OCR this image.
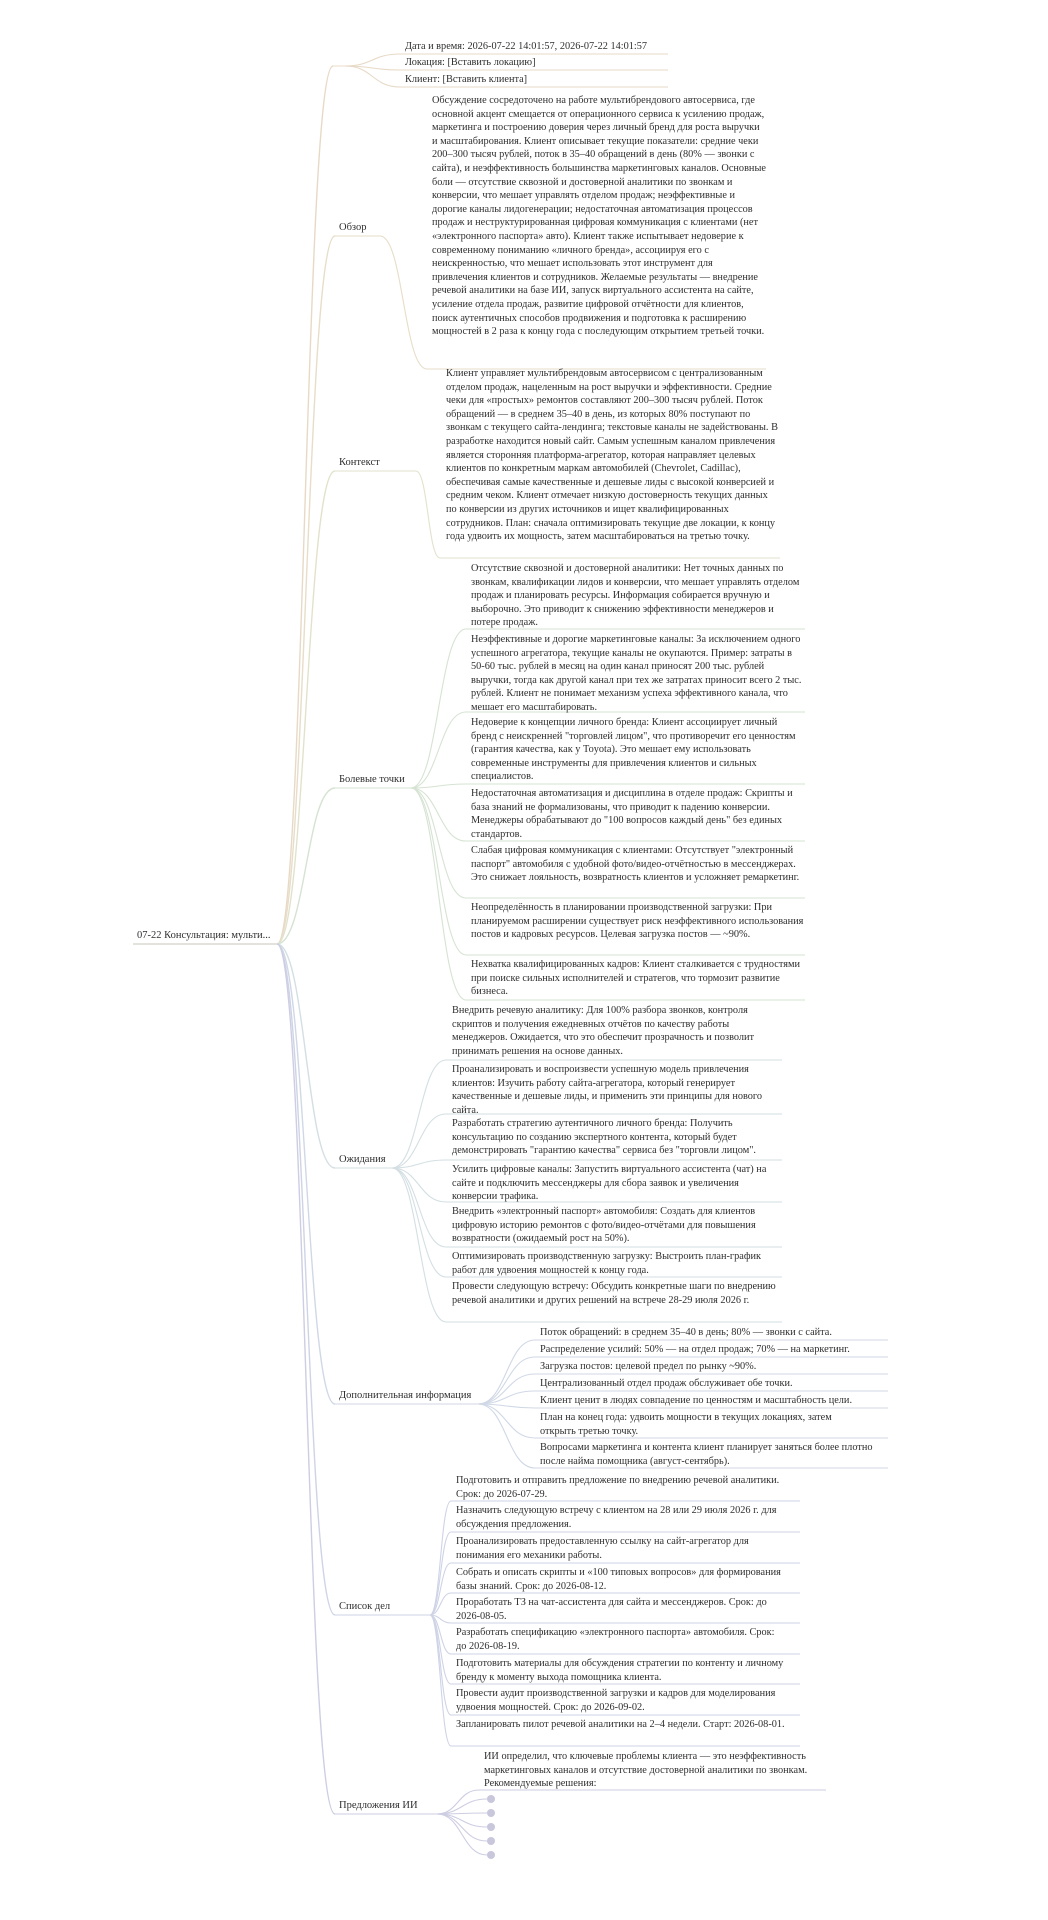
07-22 Консультация: мульти...
Обзор
Контекст
Болевые точки
Ожидания
Дополнительная информация
Список дел
Предложения ИИ
Дата и время: 2026-07-22 14:01:57, 2026-07-22 14:01:57
Локация: [Вставить локацию]
Клиент: [Вставить клиента]
Обсуждение сосредоточено на работе мультибрендового автосервиса, где основной акцент смещается от операционного сервиса к усилению продаж, маркетинга и построению доверия через личный бренд для роста выручки и масштабирования. Клиент описывает текущие показатели: средние чеки 200–300 тысяч рублей, поток в 35–40 обращений в день (80% — звонки с сайта), и неэффективность большинства маркетинговых каналов. Основные боли — отсутствие сквозной и достоверной аналитики по звонкам и конверсии, что мешает управлять отделом продаж; неэффективные и дорогие каналы лидогенерации; недостаточная автоматизация процессов продаж и неструктурированная цифровая коммуникация с клиентами (нет «электронного паспорта» авто). Клиент также испытывает недоверие к современному пониманию «личного бренда», ассоциируя его с неискренностью, что мешает использовать этот инструмент для привлечения клиентов и сотрудников. Желаемые результаты — внедрение речевой аналитики на базе ИИ, запуск виртуального ассистента на сайте, усиление отдела продаж, развитие цифровой отчётности для клиентов, поиск аутентичных способов продвижения и подготовка к расширению мощностей в 2 раза к концу года с последующим открытием третьей точки.
Клиент управляет мультибрендовым автосервисом с централизованным отделом продаж, нацеленным на рост выручки и эффективности. Средние чеки для «простых» ремонтов составляют 200–300 тысяч рублей. Поток обращений — в среднем 35–40 в день, из которых 80% поступают по звонкам с текущего сайта-лендинга; текстовые каналы не задействованы. В разработке находится новый сайт. Самым успешным каналом привлечения является сторонняя платформа-агрегатор, которая направляет целевых клиентов по конкретным маркам автомобилей (Chevrolet, Cadillac), обеспечивая самые качественные и дешевые лиды с высокой конверсией и средним чеком. Клиент отмечает низкую достоверность текущих данных по конверсии из других источников и ищет квалифицированных сотрудников. План: сначала оптимизировать текущие две локации, к концу года удвоить их мощность, затем масштабироваться на третью точку.
Отсутствие сквозной и достоверной аналитики: Нет точных данных по звонкам, квалификации лидов и конверсии, что мешает управлять отделом продаж и планировать ресурсы. Информация собирается вручную и выборочно. Это приводит к снижению эффективности менеджеров и потере продаж.
Неэффективные и дорогие маркетинговые каналы: За исключением одного успешного агрегатора, текущие каналы не окупаются. Пример: затраты в 50-60 тыс. рублей в месяц на один канал приносят 200 тыс. рублей выручки, тогда как другой канал при тех же затратах приносит всего 2 тыс. рублей. Клиент не понимает механизм успеха эффективного канала, что мешает его масштабировать.
Недоверие к концепции личного бренда: Клиент ассоциирует личный бренд с неискренней "торговлей лицом", что противоречит его ценностям (гарантия качества, как у Toyota). Это мешает ему использовать современные инструменты для привлечения клиентов и сильных специалистов.
Недостаточная автоматизация и дисциплина в отделе продаж: Скрипты и база знаний не формализованы, что приводит к падению конверсии. Менеджеры обрабатывают до "100 вопросов каждый день" без единых стандартов.
Слабая цифровая коммуникация с клиентами: Отсутствует "электронный паспорт" автомобиля с удобной фото/видео-отчётностью в мессенджерах. Это снижает лояльность, возвратность клиентов и усложняет ремаркетинг.
Неопределённость в планировании производственной загрузки: При планируемом расширении существует риск неэффективного использования постов и кадровых ресурсов. Целевая загрузка постов — ~90%.
Нехватка квалифицированных кадров: Клиент сталкивается с трудностями при поиске сильных исполнителей и стратегов, что тормозит развитие бизнеса.
Внедрить речевую аналитику: Для 100% разбора звонков, контроля скриптов и получения ежедневных отчётов по качеству работы менеджеров. Ожидается, что это обеспечит прозрачность и позволит принимать решения на основе данных.
Проанализировать и воспроизвести успешную модель привлечения клиентов: Изучить работу сайта-агрегатора, который генерирует качественные и дешевые лиды, и применить эти принципы для нового сайта.
Разработать стратегию аутентичного личного бренда: Получить консультацию по созданию экспертного контента, который будет демонстрировать "гарантию качества" сервиса без "торговли лицом".
Усилить цифровые каналы: Запустить виртуального ассистента (чат) на сайте и подключить мессенджеры для сбора заявок и увеличения конверсии трафика.
Внедрить «электронный паспорт» автомобиля: Создать для клиентов цифровую историю ремонтов с фото/видео-отчётами для повышения возвратности (ожидаемый рост на 50%).
Оптимизировать производственную загрузку: Выстроить план-график работ для удвоения мощностей к концу года.
Провести следующую встречу: Обсудить конкретные шаги по внедрению речевой аналитики и других решений на встрече 28-29 июля 2026 г.
Поток обращений: в среднем 35–40 в день; 80% — звонки с сайта.
Распределение усилий: 50% — на отдел продаж; 70% — на маркетинг.
Загрузка постов: целевой предел по рынку ~90%.
Централизованный отдел продаж обслуживает обе точки.
Клиент ценит в людях совпадение по ценностям и масштабность цели.
План на конец года: удвоить мощности в текущих локациях, затем открыть третью точку.
Вопросами маркетинга и контента клиент планирует заняться более плотно после найма помощника (август-сентябрь).
Подготовить и отправить предложение по внедрению речевой аналитики. Срок: до 2026-07-29.
Назначить следующую встречу с клиентом на 28 или 29 июля 2026 г. для обсуждения предложения.
Проанализировать предоставленную ссылку на сайт-агрегатор для понимания его механики работы.
Собрать и описать скрипты и «100 типовых вопросов» для формирования базы знаний. Срок: до 2026-08-12.
Проработать ТЗ на чат-ассистента для сайта и мессенджеров. Срок: до 2026-08-05.
Разработать спецификацию «электронного паспорта» автомобиля. Срок: до 2026-08-19.
Подготовить материалы для обсуждения стратегии по контенту и личному бренду к моменту выхода помощника клиента.
Провести аудит производственной загрузки и кадров для моделирования удвоения мощностей. Срок: до 2026-09-02.
Запланировать пилот речевой аналитики на 2–4 недели. Старт: 2026-08-01.
ИИ определил, что ключевые проблемы клиента — это неэффективность маркетинговых каналов и отсутствие достоверной аналитики по звонкам. Рекомендуемые решения:
